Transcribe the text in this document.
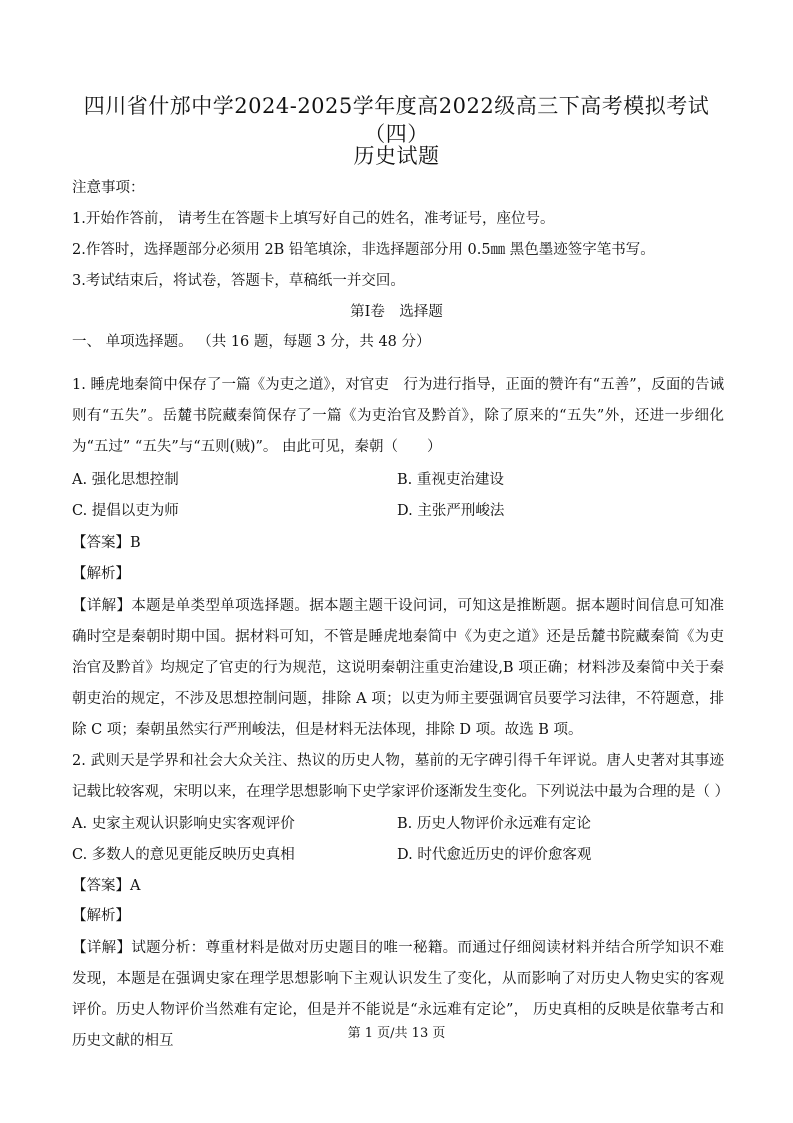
四川省什邡中学2024-2025学年度高2022级高三下高考模拟考试（四）
历史试题
注意事项：
1.开始作答前， 请考生在答题卡上填写好自己的姓名，准考证号，座位号。
2.作答时，选择题部分必须用 2B 铅笔填涂，非选择题部分用 0.5㎜ 黑色墨迹签字笔书写。
3.考试结束后，将试卷，答题卡，草稿纸一并交回。
第Ⅰ卷　选择题
一、 单项选择题。 （共 16 题，每题 3 分，共 48 分）
1. 睡虎地秦简中保存了一篇《为吏之道》，对官吏　行为进行指导，正面的赞许有“五善”，反面的告诫则有“五失”。岳麓书院藏秦简保存了一篇《为吏治官及黔首》，除了原来的“五失”外，还进一步细化为“五过” “五失”与“五则(贼)”。 由此可见，秦朝（　　）
A. 强化思想控制	B. 重视吏治建设
C. 提倡以吏为师	D. 主张严刑峻法
【答案】B
【解析】
【详解】本题是单类型单项选择题。据本题主题干设问词，可知这是推断题。据本题时间信息可知准确时空是秦朝时期中国。据材料可知，不管是睡虎地秦简中《为吏之道》还是岳麓书院藏秦简《为吏治官及黔首》均规定了官吏的行为规范，这说明秦朝注重吏治建设,B 项正确；材料涉及秦简中关于秦朝吏治的规定，不涉及思想控制问题，排除 A 项；以吏为师主要强调官员要学习法律，不符题意，排除 C 项；秦朝虽然实行严刑峻法，但是材料无法体现，排除 D 项。故选 B 项。
2. 武则天是学界和社会大众关注、热议的历史人物，墓前的无字碑引得千年评说。唐人史著对其事迹记载比较客观，宋明以来，在理学思想影响下史学家评价逐渐发生变化。下列说法中最为合理的是（ ）
A. 史家主观认识影响史实客观评价	B. 历史人物评价永远难有定论
C. 多数人的意见更能反映历史真相	D. 时代愈近历史的评价愈客观
【答案】A
【解析】
【详解】试题分析：尊重材料是做对历史题目的唯一秘籍。而通过仔细阅读材料并结合所学知识不难发现，本题是在强调史家在理学思想影响下主观认识发生了变化，从而影响了对历史人物史实的客观评价。历史人物评价当然难有定论，但是并不能说是“永远难有定论”， 历史真相的反映是依靠考古和历史文献的相互	第 1 页/共 13 页
